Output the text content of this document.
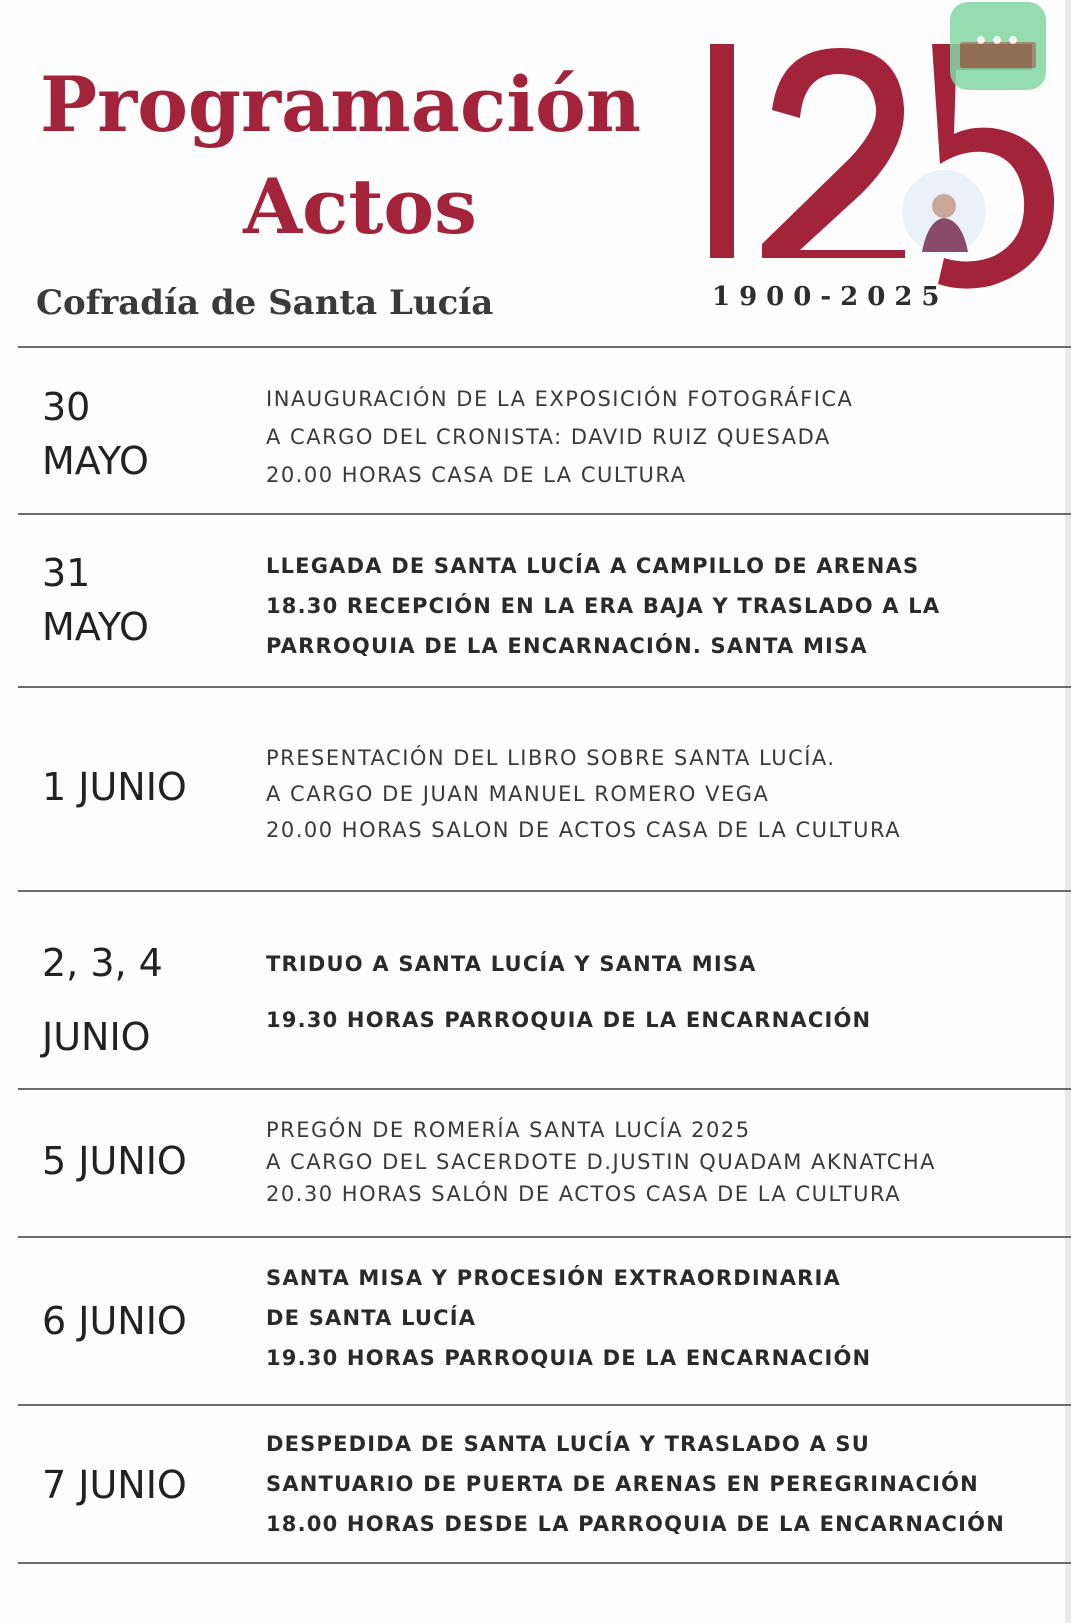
Programación
Actos
Cofradía de Santa Lucía	1900-2025
•••
30
MAYO
INAUGURACIÓN DE LA EXPOSICIÓN FOTOGRÁFICA
A CARGO DEL CRONISTA: DAVID RUIZ QUESADA
20.00 HORAS CASA DE LA CULTURA
31
MAYO
LLEGADA DE SANTA LUCÍA A CAMPILLO DE ARENAS
18.30 RECEPCIÓN EN LA ERA BAJA Y TRASLADO A LA
PARROQUIA DE LA ENCARNACIÓN. SANTA MISA
1 JUNIO
PRESENTACIÓN DEL LIBRO SOBRE SANTA LUCÍA.
A CARGO DE JUAN MANUEL ROMERO VEGA
20.00 HORAS SALON DE ACTOS CASA DE LA CULTURA
2, 3, 4
JUNIO
TRIDUO A SANTA LUCÍA Y SANTA MISA
19.30 HORAS PARROQUIA DE LA ENCARNACIÓN
5 JUNIO
PREGÓN DE ROMERÍA SANTA LUCÍA 2025
A CARGO DEL SACERDOTE D.JUSTIN QUADAM AKNATCHA
20.30 HORAS SALÓN DE ACTOS CASA DE LA CULTURA
6 JUNIO
SANTA MISA Y PROCESIÓN EXTRAORDINARIA
DE SANTA LUCÍA
19.30 HORAS PARROQUIA DE LA ENCARNACIÓN
7 JUNIO
DESPEDIDA DE SANTA LUCÍA Y TRASLADO A SU
SANTUARIO DE PUERTA DE ARENAS EN PEREGRINACIÓN
18.00 HORAS DESDE LA PARROQUIA DE LA ENCARNACIÓN
